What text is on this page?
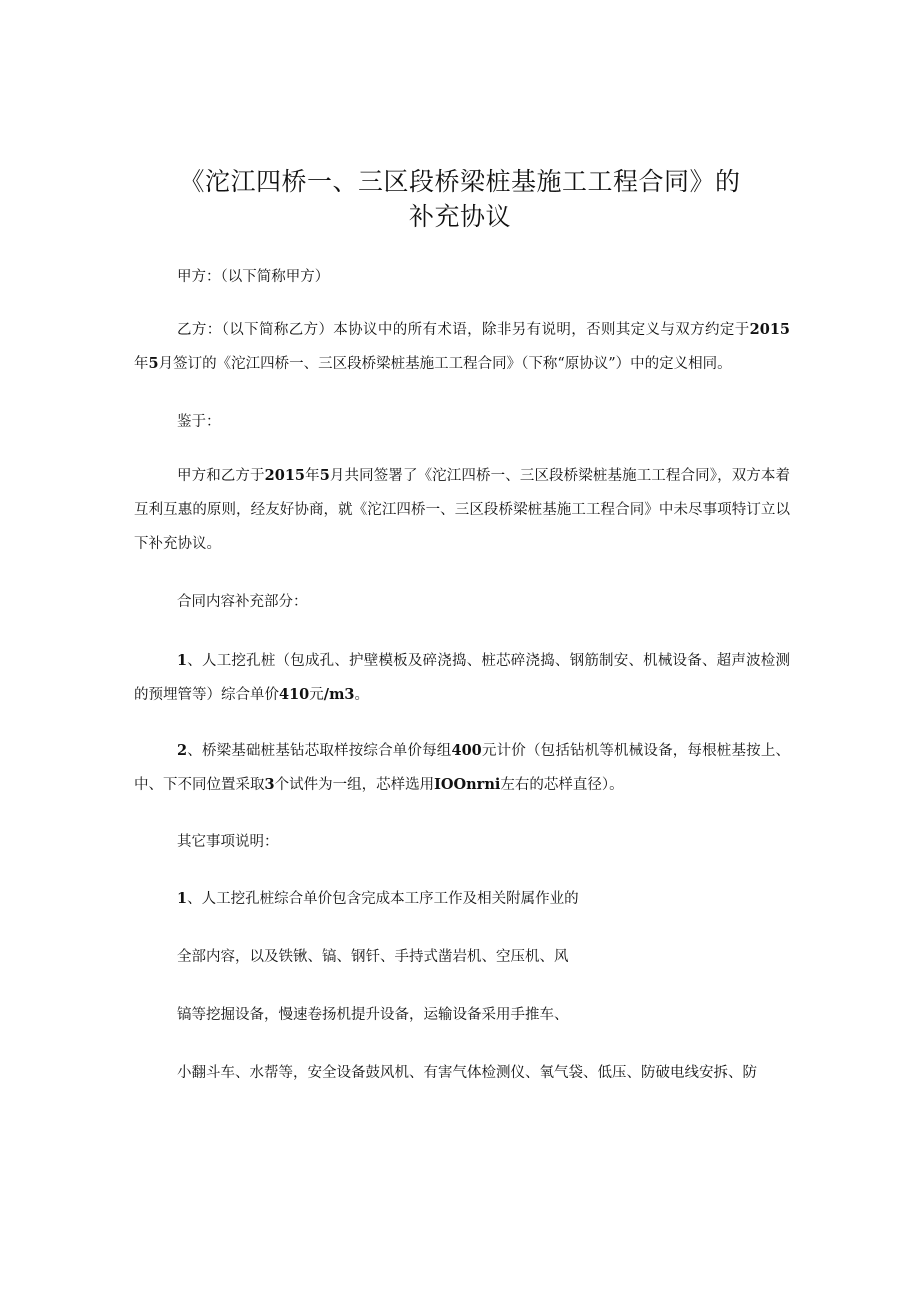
《沱江四桥一、三区段桥梁桩基施工工程合同》的
补充协议
甲方：（以下简称甲方）
乙方：（以下简称乙方）本协议中的所有术语，除非另有说明，否则其定义与双方约定于2015年5月签订的《沱江四桥一、三区段桥梁桩基施工工程合同》（下称“原协议”）中的定义相同。
鉴于：
甲方和乙方于2015年5月共同签署了《沱江四桥一、三区段桥梁桩基施工工程合同》，双方本着互利互惠的原则，经友好协商，就《沱江四桥一、三区段桥梁桩基施工工程合同》中未尽事项特订立以下补充协议。
合同内容补充部分：
1、人工挖孔桩（包成孔、护壁模板及碎浇捣、桩芯碎浇捣、钢筋制安、机械设备、超声波检测的预埋管等）综合单价410元/m3。
2、桥梁基础桩基钻芯取样按综合单价每组400元计价（包括钻机等机械设备，每根桩基按上、中、下不同位置采取3个试件为一组，芯样选用IOOnrni左右的芯样直径）。
其它事项说明：
1、人工挖孔桩综合单价包含完成本工序工作及相关附属作业的
全部内容，以及铁锹、镐、钢钎、手持式凿岩机、空压机、风
镐等挖掘设备，慢速卷扬机提升设备，运输设备采用手推车、
小翻斗车、水帮等，安全设备鼓风机、有害气体检测仪、氧气袋、低压、防破电线安拆、防
